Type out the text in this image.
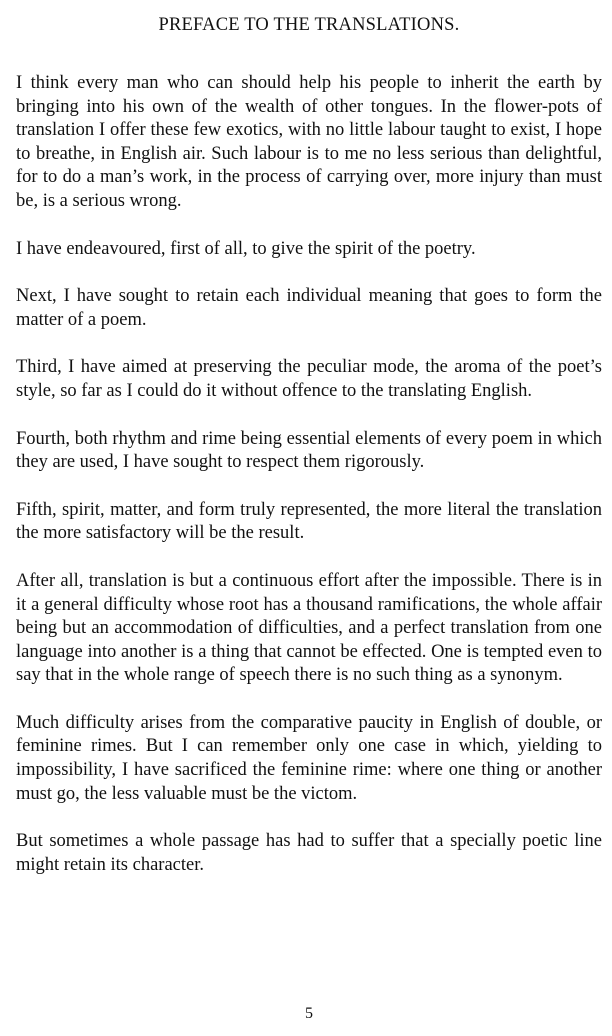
PREFACE TO THE TRANSLATIONS.

I think every man who can should help his people to inherit the earth by bringing into his own of the wealth of other tongues. In the flower-pots of translation I offer these few exotics, with no little labour taught to exist, I hope to breathe, in English air. Such labour is to me no less serious than delightful, for to do a man’s work, in the process of carrying over, more injury than must be, is a serious wrong.

I have endeavoured, first of all, to give the spirit of the poetry.

Next, I have sought to retain each individual meaning that goes to form the matter of a poem.

Third, I have aimed at preserving the peculiar mode, the aroma of the poet’s style, so far as I could do it without offence to the translating English.

Fourth, both rhythm and rime being essential elements of every poem in which they are used, I have sought to respect them rigorously.

Fifth, spirit, matter, and form truly represented, the more literal the translation the more satisfactory will be the result.

After all, translation is but a continuous effort after the impossible. There is in it a general difficulty whose root has a thousand ramifications, the whole affair being but an accommodation of difficulties, and a perfect translation from one language into another is a thing that cannot be effected. One is tempted even to say that in the whole range of speech there is no such thing as a synonym.

Much difficulty arises from the comparative paucity in English of double, or feminine rimes. But I can remember only one case in which, yielding to impossibility, I have sacrificed the feminine rime: where one thing or another must go, the less valuable must be the victom.

But sometimes a whole passage has had to suffer that a specially poetic line might retain its character.

5
